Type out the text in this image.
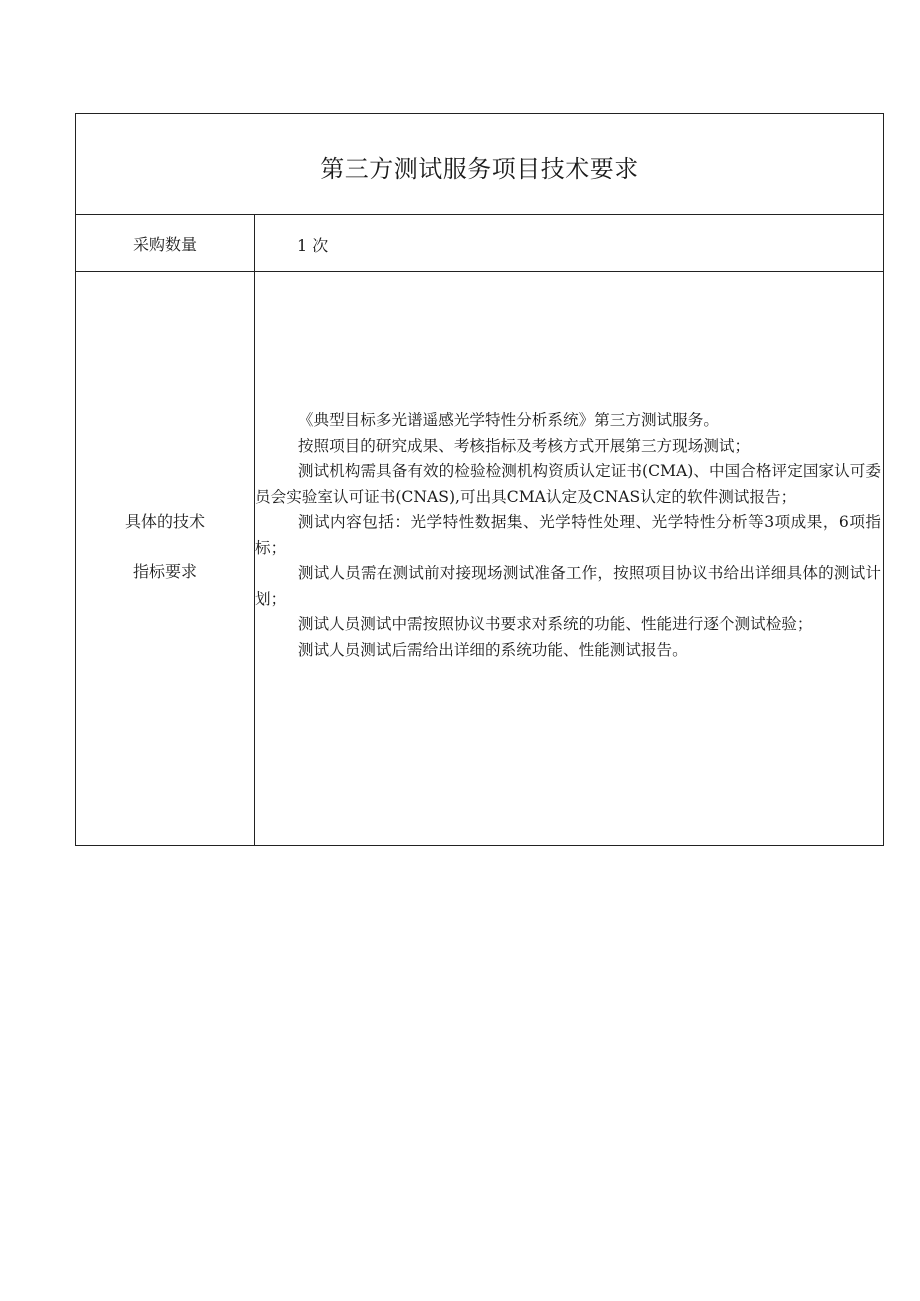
第三方测试服务项目技术要求
采购数量	1 次
具体的技术
指标要求

《典型目标多光谱遥感光学特性分析系统》第三方测试服务。

按照项目的研究成果、考核指标及考核方式开展第三方现场测试；

测试机构需具备有效的检验检测机构资质认定证书(CMA)、中国合格评定国家认可委员会实验室认可证书(CNAS),可出具CMA认定及CNAS认定的软件测试报告；

测试内容包括：光学特性数据集、光学特性处理、光学特性分析等3项成果，6项指标；

测试人员需在测试前对接现场测试准备工作，按照项目协议书给出详细具体的测试计划；

测试人员测试中需按照协议书要求对系统的功能、性能进行逐个测试检验；

测试人员测试后需给出详细的系统功能、性能测试报告。
